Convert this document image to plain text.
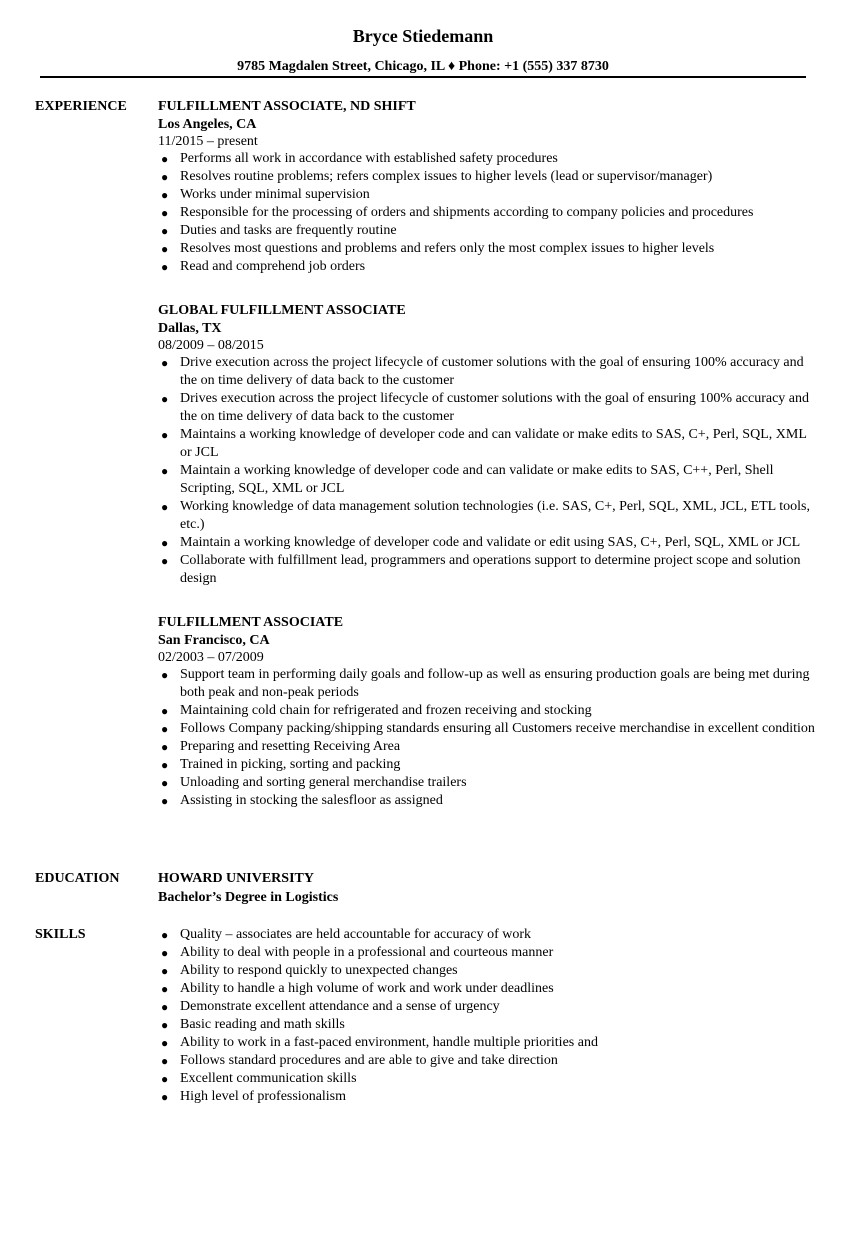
Bryce Stiedemann
9785 Magdalen Street, Chicago, IL ♦ Phone: +1 (555) 337 8730
EXPERIENCE	FULFILLMENT ASSOCIATE, ND SHIFT
Los Angeles, CA
11/2015 – present
● Performs all work in accordance with established safety procedures
● Resolves routine problems; refers complex issues to higher levels (lead or supervisor/manager)
● Works under minimal supervision
● Responsible for the processing of orders and shipments according to company policies and procedures
● Duties and tasks are frequently routine
● Resolves most questions and problems and refers only the most complex issues to higher levels
● Read and comprehend job orders
GLOBAL FULFILLMENT ASSOCIATE
Dallas, TX
08/2009 – 08/2015
● Drive execution across the project lifecycle of customer solutions with the goal of ensuring 100% accuracy and the on time delivery of data back to the customer
● Drives execution across the project lifecycle of customer solutions with the goal of ensuring 100% accuracy and the on time delivery of data back to the customer
● Maintains a working knowledge of developer code and can validate or make edits to SAS, C+, Perl, SQL, XML or JCL
● Maintain a working knowledge of developer code and can validate or make edits to SAS, C++, Perl, Shell Scripting, SQL, XML or JCL
● Working knowledge of data management solution technologies (i.e. SAS, C+, Perl, SQL, XML, JCL, ETL tools, etc.)
● Maintain a working knowledge of developer code and validate or edit using SAS, C+, Perl, SQL, XML or JCL
● Collaborate with fulfillment lead, programmers and operations support to determine project scope and solution design
FULFILLMENT ASSOCIATE
San Francisco, CA
02/2003 – 07/2009
● Support team in performing daily goals and follow-up as well as ensuring production goals are being met during both peak and non-peak periods
● Maintaining cold chain for refrigerated and frozen receiving and stocking
● Follows Company packing/shipping standards ensuring all Customers receive merchandise in excellent condition
● Preparing and resetting Receiving Area
● Trained in picking, sorting and packing
● Unloading and sorting general merchandise trailers
● Assisting in stocking the salesfloor as assigned
EDUCATION	HOWARD UNIVERSITY
Bachelor’s Degree in Logistics
SKILLS	● Quality – associates are held accountable for accuracy of work
● Ability to deal with people in a professional and courteous manner
● Ability to respond quickly to unexpected changes
● Ability to handle a high volume of work and work under deadlines
● Demonstrate excellent attendance and a sense of urgency
● Basic reading and math skills
● Ability to work in a fast-paced environment, handle multiple priorities and
● Follows standard procedures and are able to give and take direction
● Excellent communication skills
● High level of professionalism
